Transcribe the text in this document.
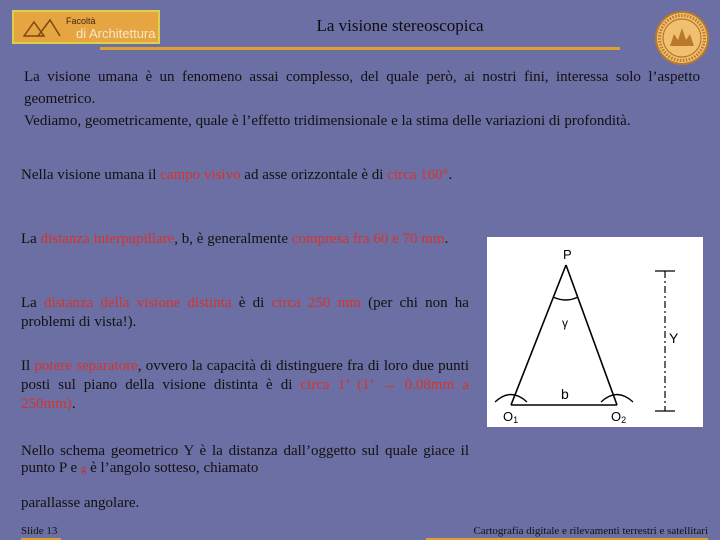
Facoltà
di Architettura	La visione stereoscopica

La visione umana è un fenomeno assai complesso, del quale però, ai nostri fini, interessa solo l’aspetto geometrico.

Vediamo, geometricamente, quale è l’effetto tridimensionale e la stima delle variazioni di profondità.

Nella visione umana il campo visivo ad asse orizzontale è di circa 160°.

La distanza interpupillare, b, è generalmente compresa fra 60 e 70 mm.

La distanza della visione distinta è di circa 250 mm (per chi non ha problemi di vista!).

Il potere separatore, ovvero la capacità di distinguere fra di loro due punti posti sul piano della visione distinta è di circa 1’ (1’ → 0.08mm a 250mm).

Nello schema geometrico Y è la distanza dall’oggetto sul quale giace il punto P e g è l’angolo sotteso, chiamato

parallasse angolare.

P
γ
Y
b
O1	O2
Slide 13	Cartografia digitale e rilevamenti terrestri e satellitari
